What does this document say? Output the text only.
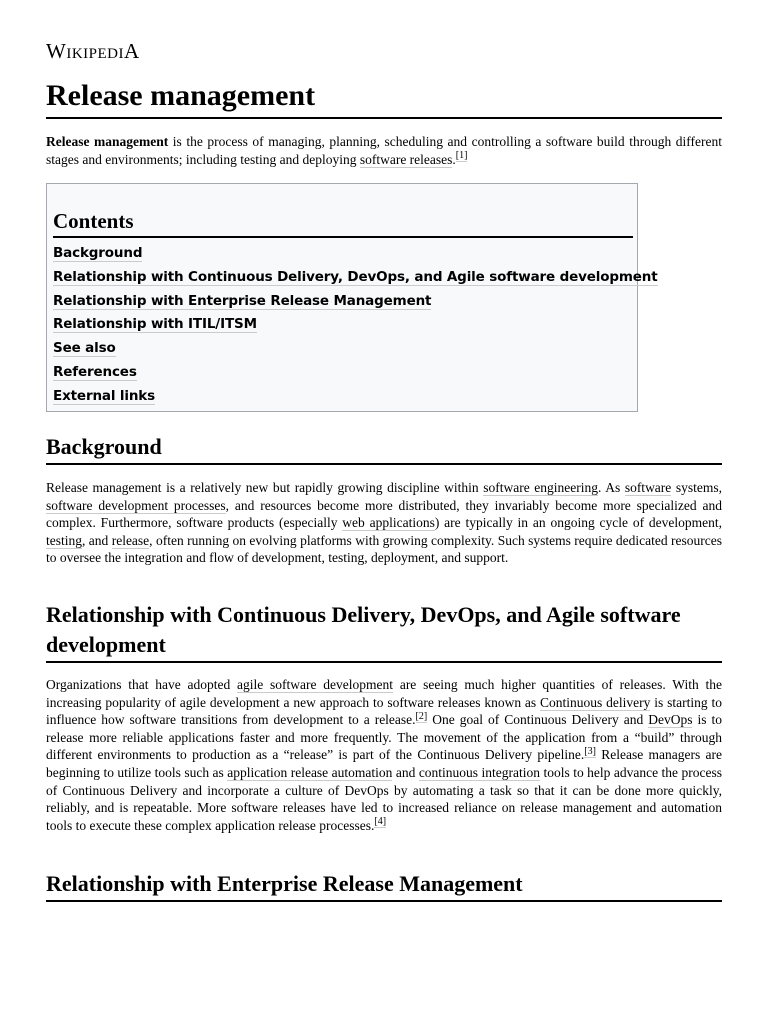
WIKIPEDIA
Release management

Release management is the process of managing, planning, scheduling and controlling a software build through different stages and environments; including testing and deploying software releases.[1]

Contents
Background
Relationship with Continuous Delivery, DevOps, and Agile software development
Relationship with Enterprise Release Management
Relationship with ITIL/ITSM
See also
References
External links
Background

Release management is a relatively new but rapidly growing discipline within software engineering. As software systems, software development processes, and resources become more distributed, they invariably become more specialized and complex. Furthermore, software products (especially web applications) are typically in an ongoing cycle of development, testing, and release, often running on evolving platforms with growing complexity. Such systems require dedicated resources to oversee the integration and flow of development, testing, deployment, and support.

Relationship with Continuous Delivery, DevOps, and Agile software development

Organizations that have adopted agile software development are seeing much higher quantities of releases. With the increasing popularity of agile development a new approach to software releases known as Continuous delivery is starting to influence how software transitions from development to a release.[2] One goal of Continuous Delivery and DevOps is to release more reliable applications faster and more frequently. The movement of the application from a “build” through different environments to production as a “release” is part of the Continuous Delivery pipeline.[3] Release managers are beginning to utilize tools such as application release automation and continuous integration tools to help advance the process of Continuous Delivery and incorporate a culture of DevOps by automating a task so that it can be done more quickly, reliably, and is repeatable. More software releases have led to increased reliance on release management and automation tools to execute these complex application release processes.[4]

Relationship with Enterprise Release Management
